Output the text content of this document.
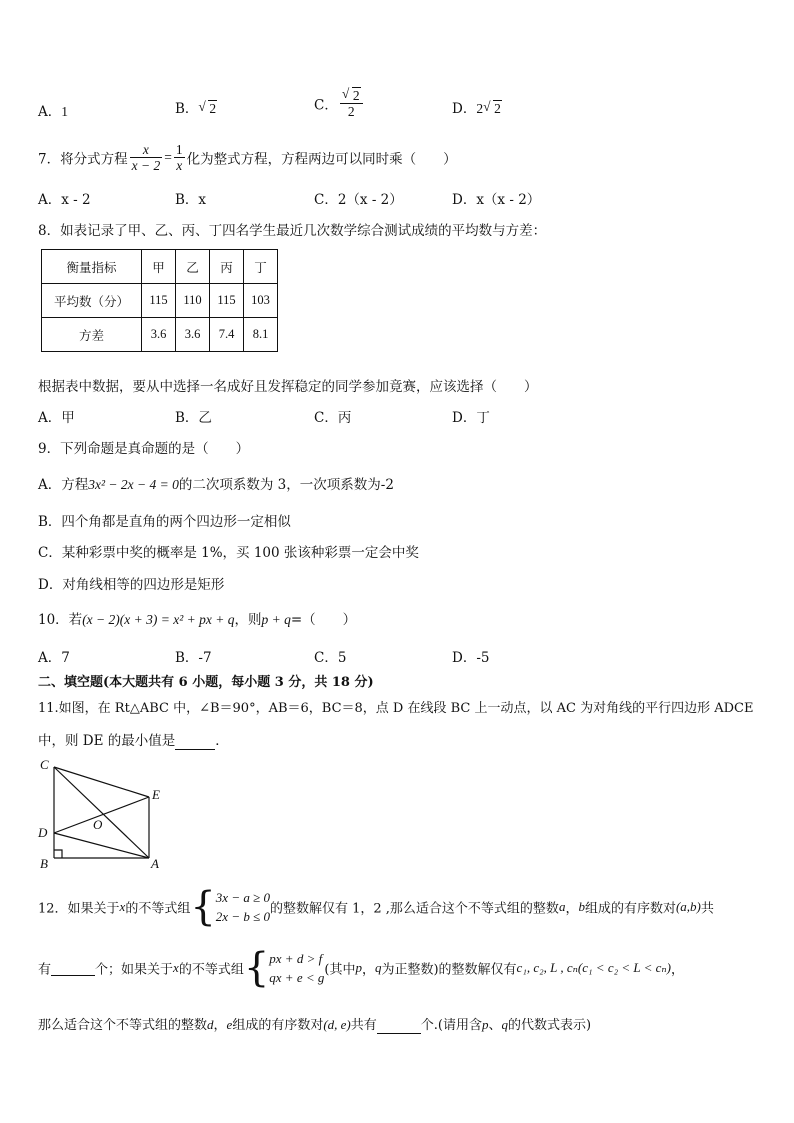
A．1	B． √ 2	C． $\frac{√ 2}{2}$	D．2 √ 2
7．将分式方程 $\frac{x}{x - 2} = \frac{1}{x}$ 化为整式方程，方程两边可以同时乘（　　）
A．x - 2	B．x	C．2（x - 2）	D．x（x - 2）
8．如表记录了甲、乙、丙、丁四名学生最近几次数学综合测试成绩的平均数与方差：
衡量指标	甲	乙	丙	丁
平均数（分）	115	110	115	103
方差	3.6	3.6	7.4	8.1
根据表中数据，要从中选择一名成好且发挥稳定的同学参加竟赛，应该选择（　　）
A．甲	B．乙	C．丙	D．丁
9．下列命题是真命题的是（　　）
A．方程3x² − 2x − 4 = 0的二次项系数为 3，一次项系数为-2
B．四个角都是直角的两个四边形一定相似
C．某种彩票中奖的概率是 1%，买 100 张该种彩票一定会中奖
D．对角线相等的四边形是矩形
10．若(x − 2)(x + 3) = x² + px + q，则p + q=（　　）
A．7	B．-7	C．5	D．-5
二、填空题(本大题共有 6 小题，每小题 3 分，共 18 分)
11.如图，在 Rt△ABC 中，∠B＝90°，AB＝6，BC＝8，点 D 在线段 BC 上一动点，以 AC 为对角线的平行四边形 ADCE
中，则 DE 的最小值是	．
C
E
O
D
B	A
12．如果关于x的不等式组{ 3x − a ≥ 0
2x − b ≤ 0 的整数解仅有 1，2 ,那么适合这个不等式组的整数a，b组成的有序数对(a,b)共
有	个；如果关于x的不等式组{ px + d > f
qx + e < g (其中p，q为正整数)的整数解仅有c₁, c₂, L , cₙ(c₁ < c₂ < L < cₙ)，
那么适合这个不等式组的整数d，e组成的有序数对(d, e)共有	个.(请用含p、q的代数式表示)
